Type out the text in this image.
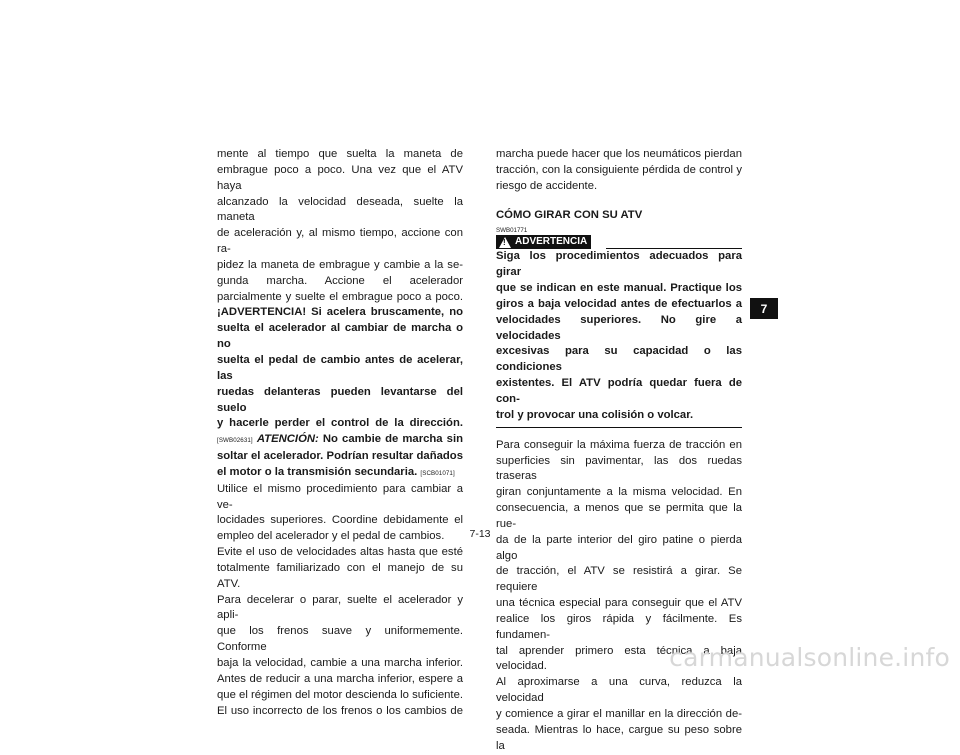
mente al tiempo que suelta la maneta de

embrague poco a poco. Una vez que el ATV haya

alcanzado la velocidad deseada, suelte la maneta

de aceleración y, al mismo tiempo, accione con ra-

pidez la maneta de embrague y cambie a la se-

gunda marcha. Accione el acelerador

parcialmente y suelte el embrague poco a poco.

¡ADVERTENCIA! Si acelera bruscamente, no

suelta el acelerador al cambiar de marcha o no

suelta el pedal de cambio antes de acelerar, las

ruedas delanteras pueden levantarse del suelo

y hacerle perder el control de la dirección.

[SWB02631] ATENCIÓN: No cambie de marcha sin

soltar el acelerador. Podrían resultar dañados

el motor o la transmisión secundaria. [SCB01071]

Utilice el mismo procedimiento para cambiar a ve-

locidades superiores. Coordine debidamente el

empleo del acelerador y el pedal de cambios.

Evite el uso de velocidades altas hasta que esté

totalmente familiarizado con el manejo de su ATV.

Para decelerar o parar, suelte el acelerador y apli-

que los frenos suave y uniformemente. Conforme

baja la velocidad, cambie a una marcha inferior.

Antes de reducir a una marcha inferior, espere a

que el régimen del motor descienda lo suficiente.

El uso incorrecto de los frenos o los cambios de

marcha puede hacer que los neumáticos pierdan

tracción, con la consiguiente pérdida de control y

riesgo de accidente.

CÓMO GIRAR CON SU ATV

SWB01771

!
ADVERTENCIA

Siga los procedimientos adecuados para girar

que se indican en este manual. Practique los

giros a baja velocidad antes de efectuarlos a

velocidades superiores. No gire a velocidades

excesivas para su capacidad o las condiciones

existentes. El ATV podría quedar fuera de con-

trol y provocar una colisión o volcar.

Para conseguir la máxima fuerza de tracción en

superficies sin pavimentar, las dos ruedas traseras

giran conjuntamente a la misma velocidad. En

consecuencia, a menos que se permita que la rue-

da de la parte interior del giro patine o pierda algo

de tracción, el ATV se resistirá a girar. Se requiere

una técnica especial para conseguir que el ATV

realice los giros rápida y fácilmente. Es fundamen-

tal aprender primero esta técnica a baja velocidad.

Al aproximarse a una curva, reduzca la velocidad

y comience a girar el manillar en la dirección de-

seada. Mientras lo hace, cargue su peso sobre la

7-13
7
carmanualsonline.info
